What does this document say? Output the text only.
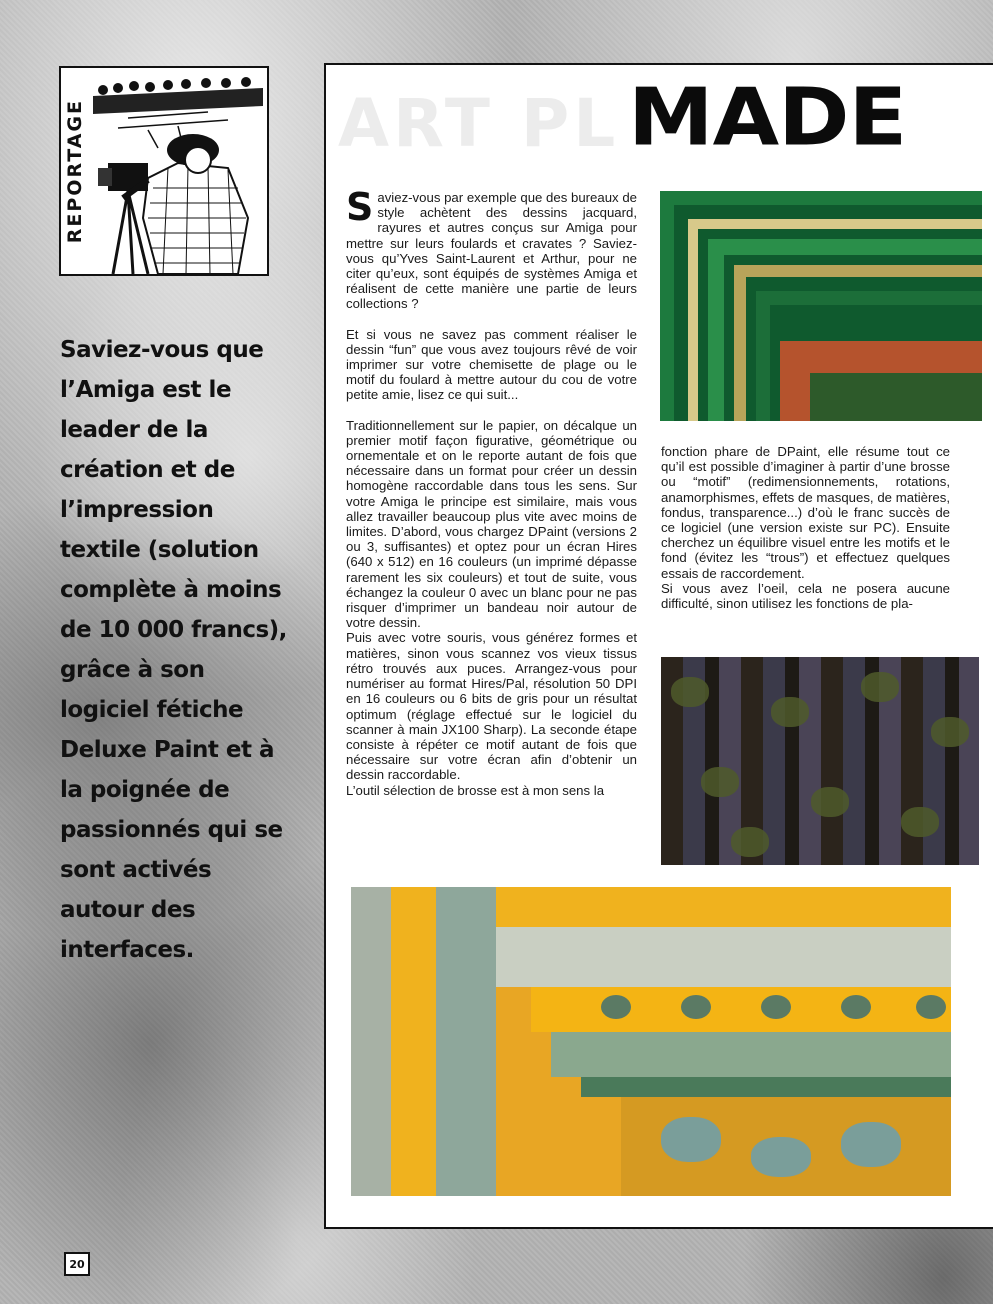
REPORTAGE
Saviez-vous que l’Amiga est le leader de la création et de l’impression textile (solution complète à moins de 10 000 francs), grâce à son logiciel fétiche Deluxe Paint et à la poignée de passionnés qui se sont activés autour des interfaces.
ART PL MADE

Saviez-vous par exemple que des bureaux de style achètent des dessins jacquard, rayures et autres conçus sur Amiga pour mettre sur leurs foulards et cravates ? Saviez-vous qu’Yves Saint-Laurent et Arthur, pour ne citer qu’eux, sont équipés de systèmes Amiga et réalisent de cette manière une partie de leurs collections ?

Et si vous ne savez pas comment réaliser le dessin “fun” que vous avez toujours rêvé de voir imprimer sur votre chemisette de plage ou le motif du foulard à mettre autour du cou de votre petite amie, lisez ce qui suit...

Traditionnellement sur le papier, on décalque un premier motif façon figurative, géométrique ou ornementale et on le reporte autant de fois que nécessaire dans un format pour créer un dessin homogène raccordable dans tous les sens. Sur votre Amiga le principe est similaire, mais vous allez travailler beaucoup plus vite avec moins de limites. D’abord, vous chargez DPaint (versions 2 ou 3, suffisantes) et optez pour un écran Hires (640 x 512) en 16 couleurs (un imprimé dépasse rarement les six couleurs) et tout de suite, vous échangez la couleur 0 avec un blanc pour ne pas risquer d’imprimer un bandeau noir autour de votre dessin.

Puis avec votre souris, vous générez formes et matières, sinon vous scannez vos vieux tissus rétro trouvés aux puces. Arrangez-vous pour numériser au format Hires/Pal, résolution 50 DPI en 16 couleurs ou 6 bits de gris pour un résultat optimum (réglage effectué sur le logiciel du scanner à main JX100 Sharp). La seconde étape consiste à répéter ce motif autant de fois que nécessaire sur votre écran afin d’obtenir un dessin raccordable.

L’outil sélection de brosse est à mon sens la

fonction phare de DPaint, elle résume tout ce qu’il est possible d’imaginer à partir d’une brosse ou “motif” (redimensionnements, rotations, anamorphismes, effets de masques, de matières, fondus, transparence...) d’où le franc succès de ce logiciel (une version existe sur PC). Ensuite cherchez un équilibre visuel entre les motifs et le fond (évitez les “trous”) et effectuez quelques essais de raccordement.

Si vous avez l’oeil, cela ne posera aucune difficulté, sinon utilisez les fonctions de pla-

20
